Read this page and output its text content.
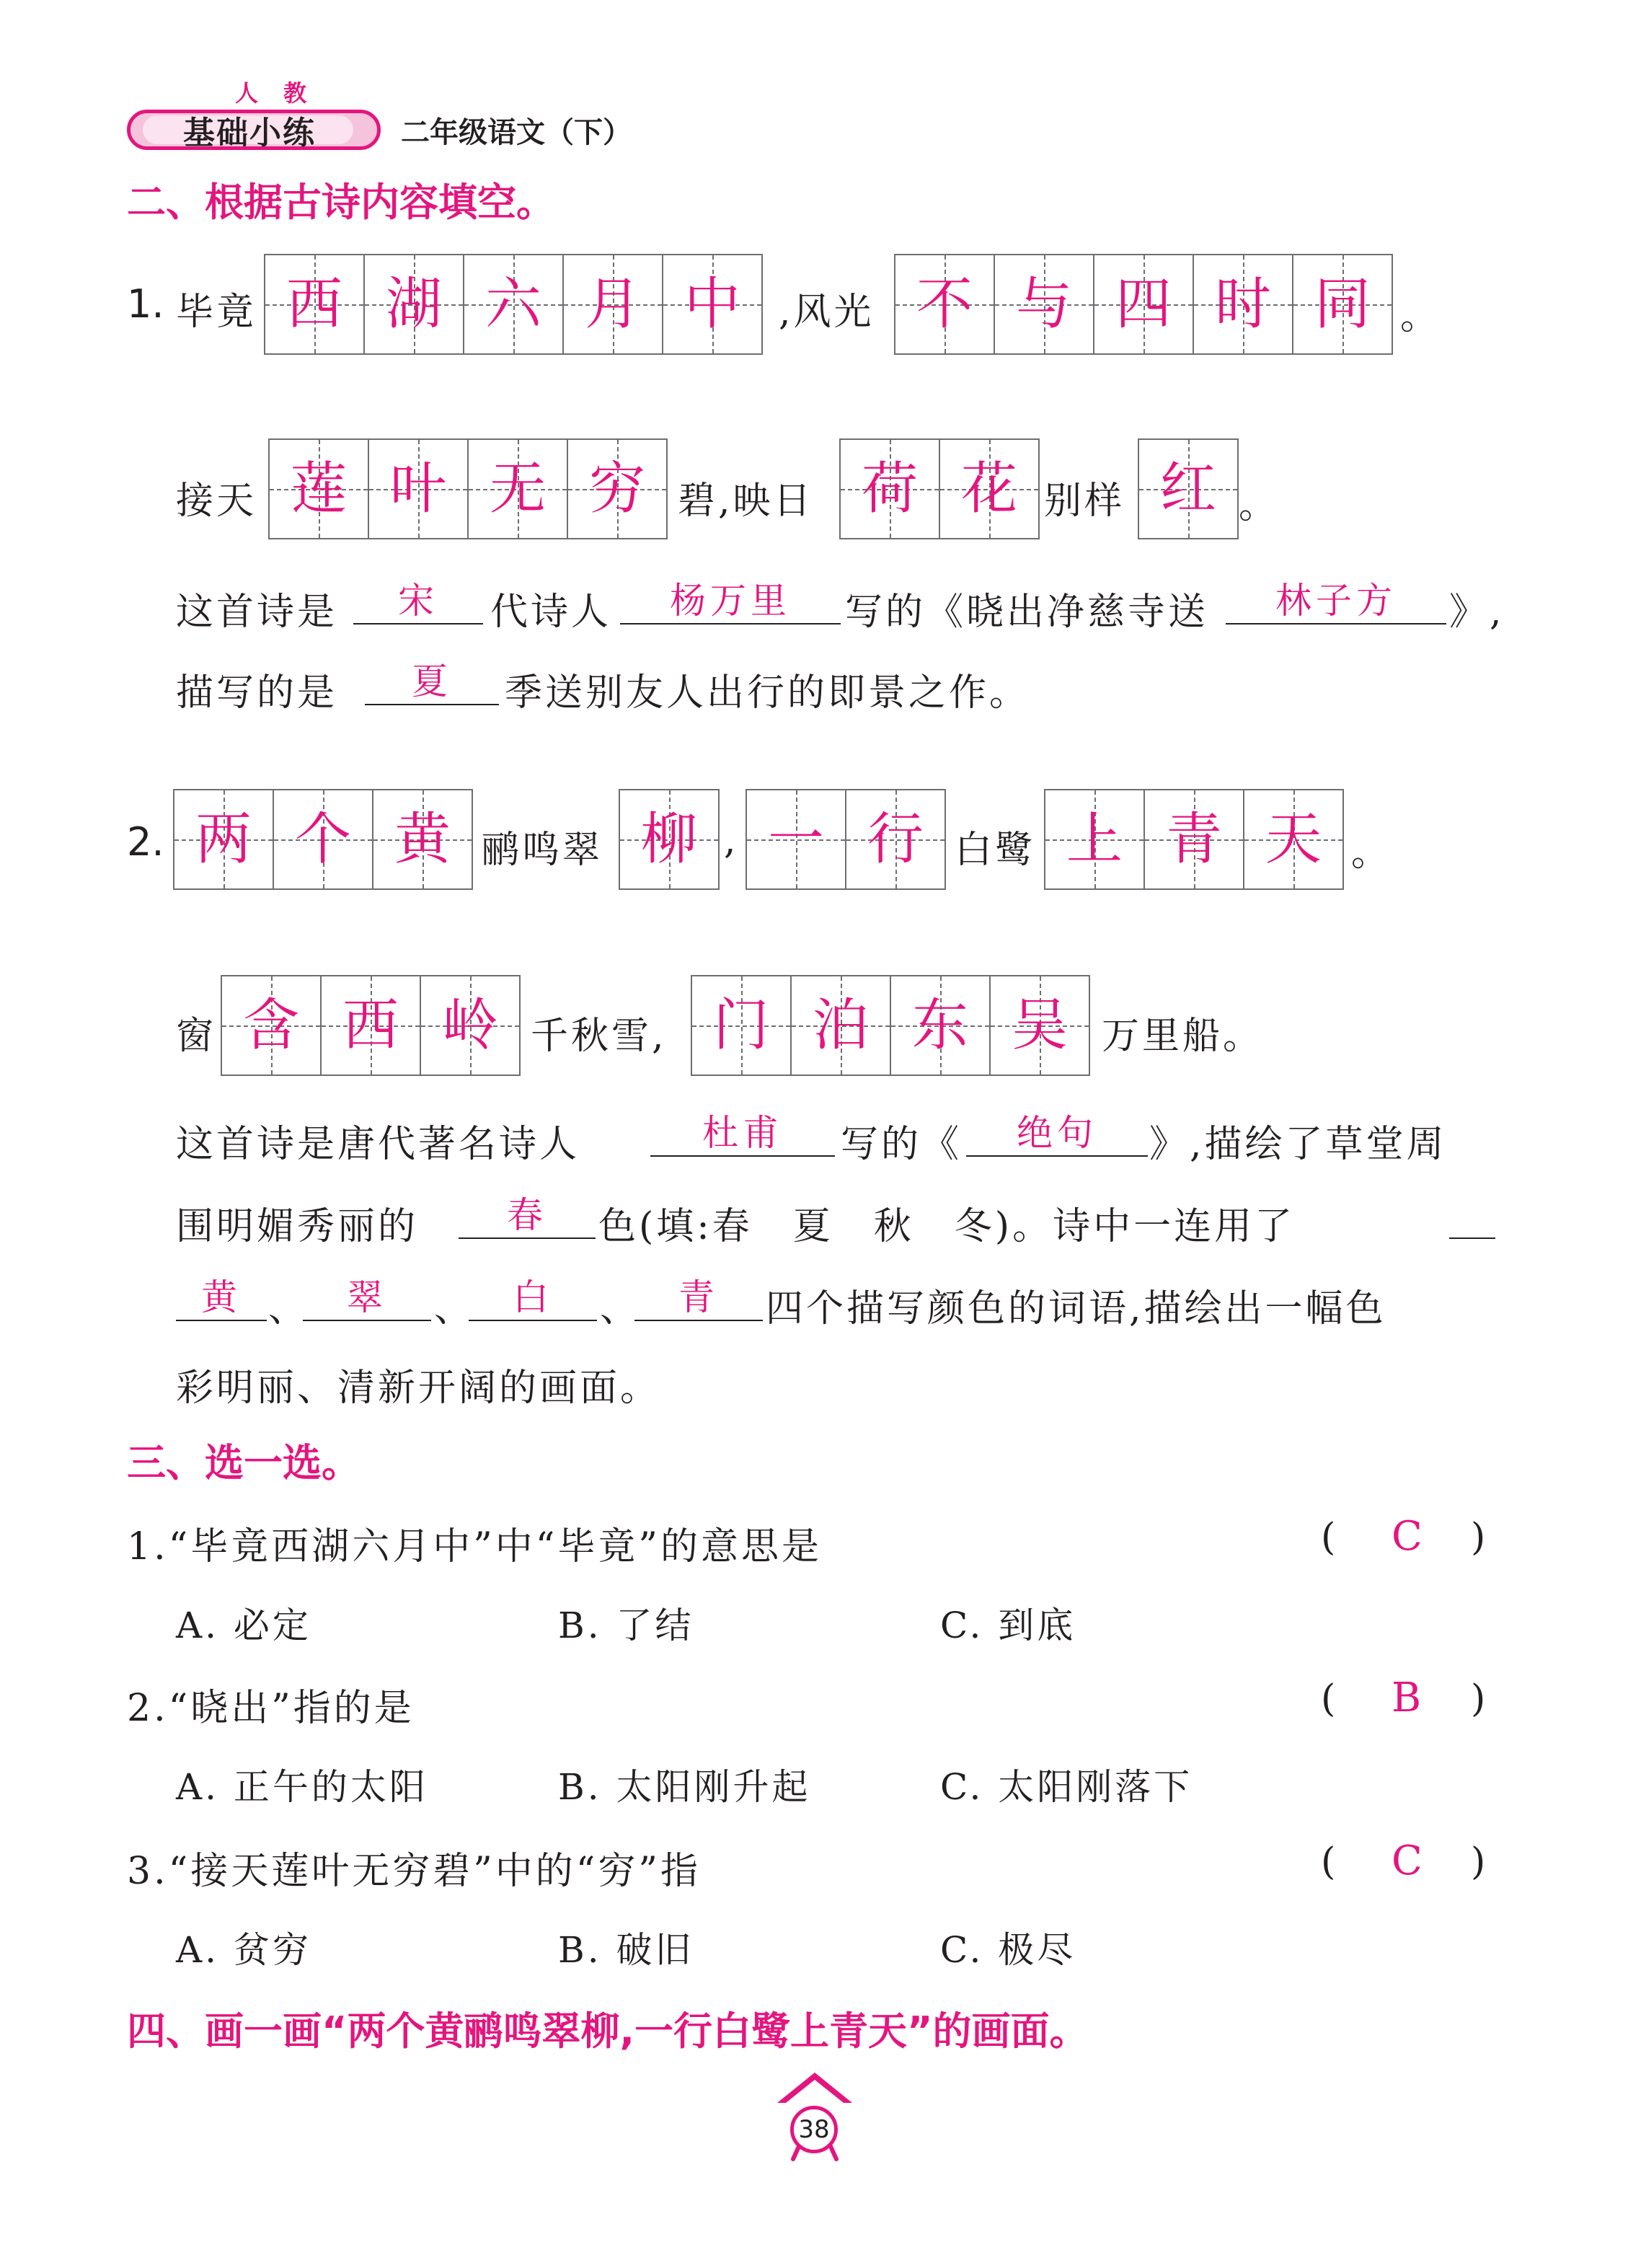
人 教
基础小练	二年级语文（下）
二、根据古诗内容填空。
1. 毕竟 西 湖 六 月 中 ,风光 不 与 四 时 同 。
接天 莲 叶 无 穷 碧,映日 荷 花 别样 红 。
这首诗是	宋	代诗人	杨万里	写的《晓出净慈寺送	林子方	》,
描写的是	夏	季送别友人出行的即景之作。
2. 两 个 黄 鹂鸣翠 柳 , 一 行 白鹭 上 青 天 。
窗 含 西 岭 千秋雪, 门 泊 东 吴 万里船。
这首诗是唐代著名诗人	杜甫	写的《	绝句	》,描绘了草堂周
围明媚秀丽的	春	色(填:春　夏　秋　冬)。诗中一连用了
黄 、	翠	、	白	、	青	四个描写颜色的词语,描绘出一幅色
彩明丽、清新开阔的画面。
三、选一选。
1.“毕竟西湖六月中”中“毕竟”的意思是	( C )
A. 必定	B. 了结	C. 到底
2.“晓出”指的是	( B )
A. 正午的太阳	B. 太阳刚升起	C. 太阳刚落下
3.“接天莲叶无穷碧”中的“穷”指	( C )
A. 贫穷	B. 破旧	C. 极尽
四、画一画“两个黄鹂鸣翠柳,一行白鹭上青天”的画面。
38
